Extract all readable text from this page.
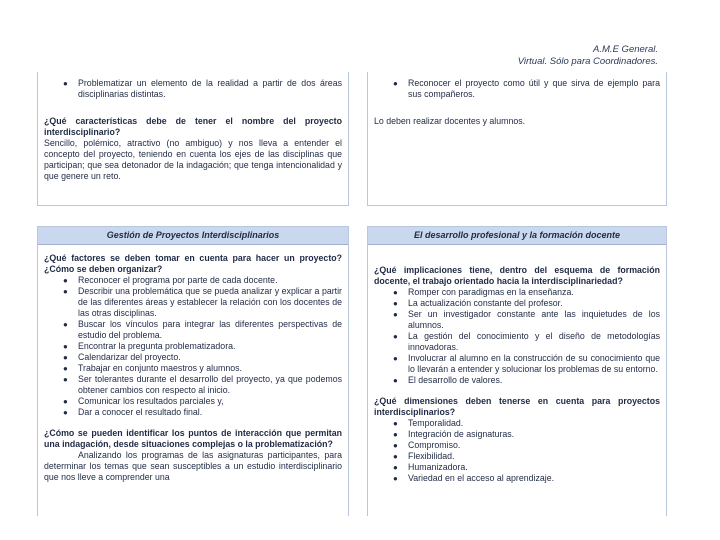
A.M.E General.
Virtual. Sólo para Coordinadores.
● Problematizar un elemento de la realidad a partir de dos áreas disciplinarias distintas.

¿Qué características debe de tener el nombre del proyecto interdisciplinario?

Sencillo, polémico, atractivo (no ambiguo) y nos lleva a entender el concepto del proyecto, teniendo en cuenta los ejes de las disciplinas que participan; que sea detonador de la indagación; que tenga intencionalidad y que genere un reto.

● Reconocer el proyecto como útil y que sirva de ejemplo para sus compañeros.

Lo deben realizar docentes y alumnos.

Gestión de Proyectos Interdisciplinarios

¿Qué factores se deben tomar en cuenta para hacer un proyecto? ¿Cómo se deben organizar?

● Reconocer el programa por parte de cada docente.
● Describir una problemática que se pueda analizar y explicar a partir de las diferentes áreas y establecer la relación con los docentes de las otras disciplinas.
● Buscar los vínculos para integrar las diferentes perspectivas de estudio del problema.
● Encontrar la pregunta problematizadora.
● Calendarizar del proyecto.
● Trabajar en conjunto maestros y alumnos.
● Ser tolerantes durante el desarrollo del proyecto, ya que podemos obtener cambios con respecto al inicio.
● Comunicar los resultados parciales y,
● Dar a conocer el resultado final.

¿Cómo se pueden identificar los puntos de interacción que permitan una indagación, desde situaciones complejas o la problematización?

Analizando los programas de las asignaturas participantes, para determinar los temas que sean susceptibles a un estudio interdisciplinario que nos lleve a comprender una

El desarrollo profesional y la formación docente

¿Qué implicaciones tiene, dentro del esquema de formación docente, el trabajo orientado hacia la interdisciplinariedad?

● Romper con paradigmas en la enseñanza.
● La actualización constante del profesor.
● Ser un investigador constante ante las inquietudes de los alumnos.
● La gestión del conocimiento y el diseño de metodologías innovadoras.
● Involucrar al alumno en la construcción de su conocimiento que lo llevarán a entender y solucionar los problemas de su entorno.
● El desarrollo de valores.

¿Qué dimensiones deben tenerse en cuenta para proyectos interdisciplinarios?

● Temporalidad.
● Integración de asignaturas.
● Compromiso.
● Flexibilidad.
● Humanizadora.
● Variedad en el acceso al aprendizaje.
